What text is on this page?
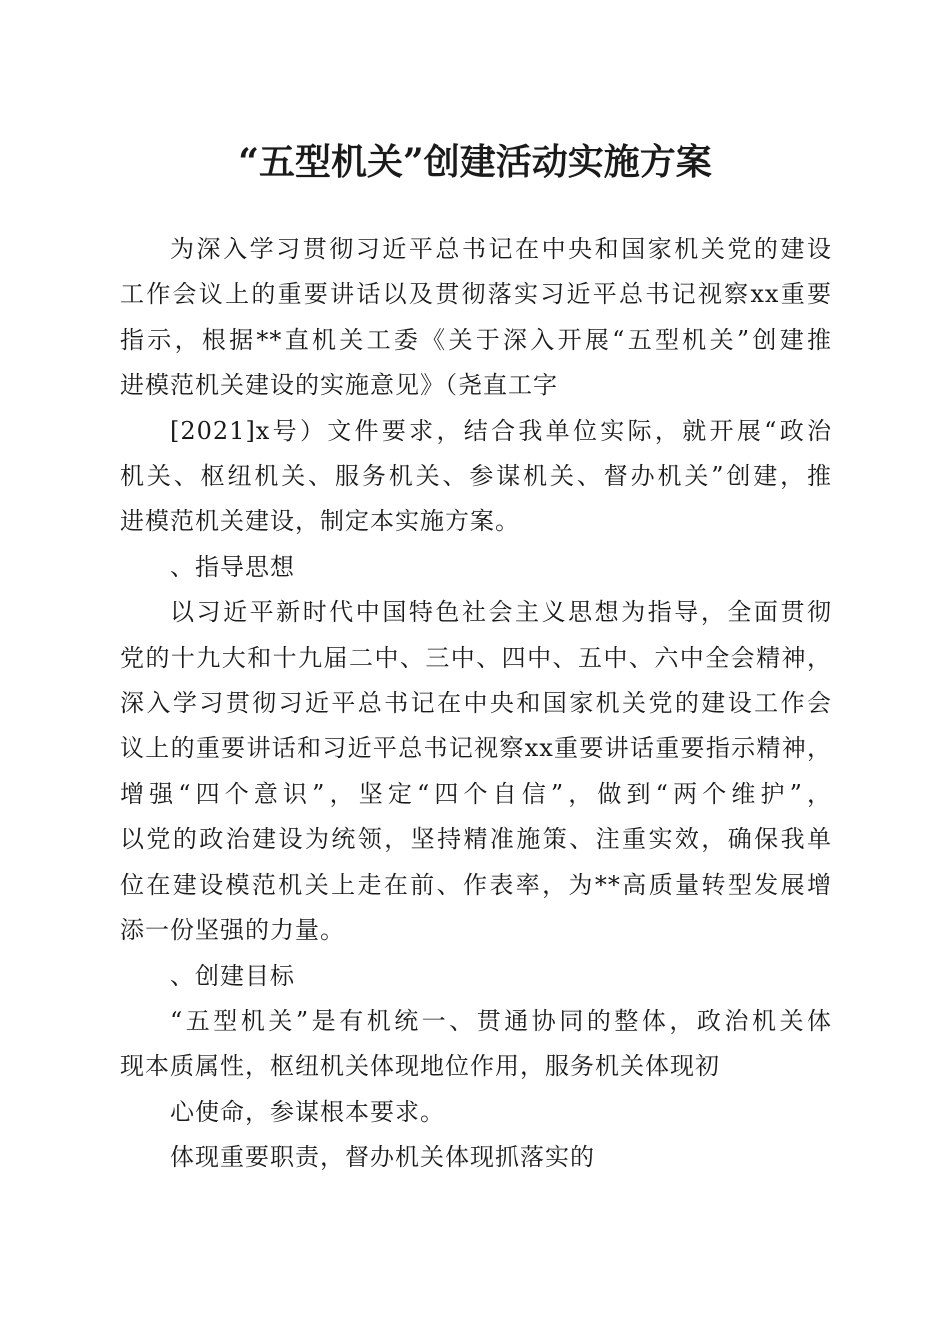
“五型机关”创建活动实施方案

为深入学习贯彻习近平总书记在中央和国家机关党的建设

工作会议上的重要讲话以及贯彻落实习近平总书记视察xx重要

指示，根据**直机关工委《关于深入开展“五型机关”创建推

进模范机关建设的实施意见》（尧直工字

[2021]x号）文件要求，结合我单位实际，就开展“政治

机关、枢纽机关、服务机关、参谋机关、督办机关”创建，推

进模范机关建设，制定本实施方案。

、指导思想

以习近平新时代中国特色社会主义思想为指导，全面贯彻

党的十九大和十九届二中、三中、四中、五中、六中全会精神，

深入学习贯彻习近平总书记在中央和国家机关党的建设工作会

议上的重要讲话和习近平总书记视察xx重要讲话重要指示精神，

增强“四个意识”，坚定“四个自信”，做到“两个维护”，

以党的政治建设为统领，坚持精准施策、注重实效，确保我单

位在建设模范机关上走在前、作表率，为**高质量转型发展增

添一份坚强的力量。

、创建目标

“五型机关”是有机统一、贯通协同的整体，政治机关体

现本质属性，枢纽机关体现地位作用，服务机关体现初

心使命，参谋根本要求。

体现重要职责，督办机关体现抓落实的
